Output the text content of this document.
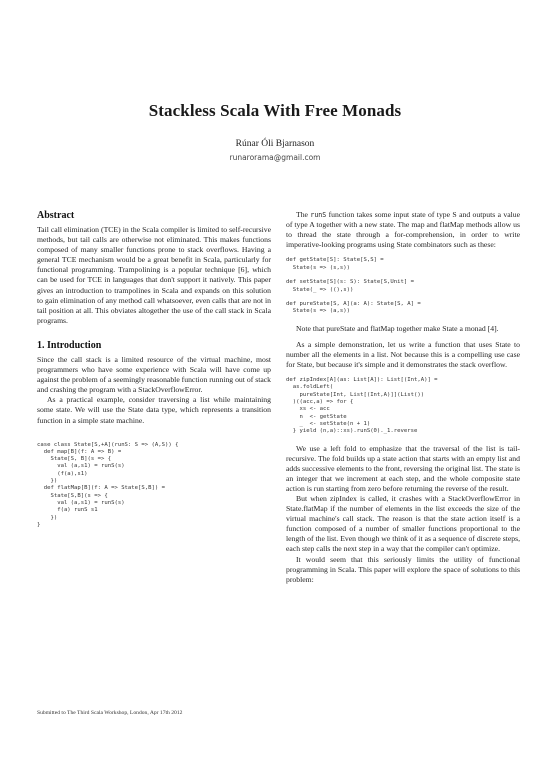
Stackless Scala With Free Monads
Rúnar Óli Bjarnason
runarorama@gmail.com
Abstract

Tail call elimination (TCE) in the Scala compiler is limited to self-recursive methods, but tail calls are otherwise not eliminated. This makes functions composed of many smaller functions prone to stack overflows. Having a general TCE mechanism would be a great benefit in Scala, particularly for functional programming. Trampolining is a popular technique [6], which can be used for TCE in languages that don't support it natively. This paper gives an introduction to trampolines in Scala and expands on this solution to gain elimination of any method call whatsoever, even calls that are not in tail position at all. This obviates altogether the use of the call stack in Scala programs.

1. Introduction

Since the call stack is a limited resource of the virtual machine, most programmers who have some experience with Scala will have come up against the problem of a seemingly reasonable function running out of stack and crashing the program with a StackOverflowError.

As a practical example, consider traversing a list while maintaining some state. We will use the State data type, which represents a transition function in a simple state machine.

case class State[S,+A](runS: S => (A,S)) {
def map[B](f: A => B) =
State[S, B](s => {
val (a,s1) = runS(s)
(f(a),s1)
})
def flatMap[B](f: A => State[S,B]) =
State[S,B](s => {
val (a,s1) = runS(s)
f(a) runS s1
})
}

The runS function takes some input state of type S and outputs a value of type A together with a new state. The map and flatMap methods allow us to thread the state through a for-comprehension, in order to write imperative-looking programs using State combinators such as these:

def getState[S]: State[S,S] =
State(s => (s,s))

def setState[S](s: S): State[S,Unit] =
State(_ => ((),s))

def pureState[S, A](a: A): State[S, A] =
State(s => (a,s))

Note that pureState and flatMap together make State a monad [4].

As a simple demonstration, let us write a function that uses State to number all the elements in a list. Not because this is a compelling use case for State, but because it's simple and it demonstrates the stack overflow.

def zipIndex[A](as: List[A]): List[(Int,A)] =
as.foldLeft(
pureState[Int, List[(Int,A)]](List())
)((acc,a) => for {
xs <- acc
n  <- getState
_  <- setState(n + 1)
} yield (n,a)::xs).runS(0)._1.reverse

We use a left fold to emphasize that the traversal of the list is tail-recursive. The fold builds up a state action that starts with an empty list and adds successive elements to the front, reversing the original list. The state is an integer that we increment at each step, and the whole composite state action is run starting from zero before returning the reverse of the result.

But when zipIndex is called, it crashes with a StackOverflowError in State.flatMap if the number of elements in the list exceeds the size of the virtual machine's call stack. The reason is that the state action itself is a function composed of a number of smaller functions proportional to the length of the list. Even though we think of it as a sequence of discrete steps, each step calls the next step in a way that the compiler can't optimize.

It would seem that this seriously limits the utility of functional programming in Scala. This paper will explore the space of solutions to this problem:

Submitted to The Third Scala Workshop, London, Apr 17th 2012
